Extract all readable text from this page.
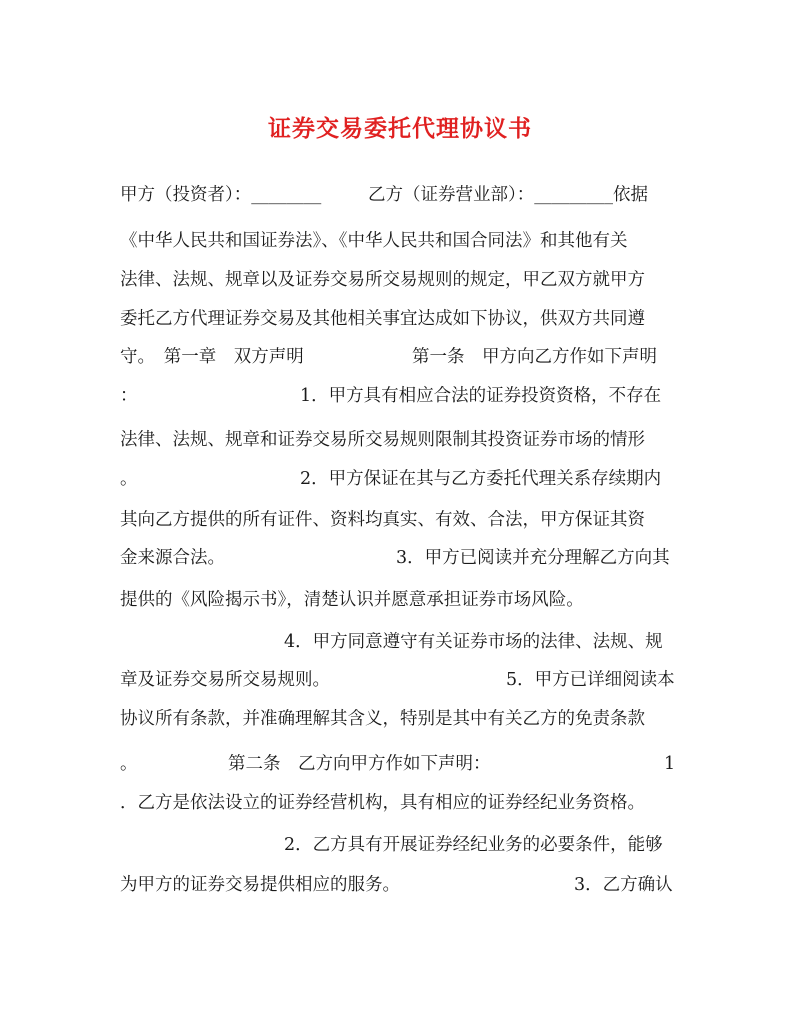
证券交易委托代理协议书

甲方（投资者）：________

	乙方（证券营业部）：_________依据

《中华人民共和国证券法》、《中华人民共和国合同法》和其他有关

法律、法规、规章以及证券交易所交易规则的规定，甲乙双方就甲方

委托乙方代理证券交易及其他相关事宜达成如下协议，供双方共同遵

守。　第一章　双方声明

	第一条　甲方向乙方作如下声明

：

	1．甲方具有相应合法的证券投资资格，不存在

法律、法规、规章和证券交易所交易规则限制其投资证券市场的情形

。

	2．甲方保证在其与乙方委托代理关系存续期内

其向乙方提供的所有证件、资料均真实、有效、合法，甲方保证其资

金来源合法。

	3．甲方已阅读并充分理解乙方向其

提供的《风险揭示书》，清楚认识并愿意承担证券市场风险。

4．甲方同意遵守有关证券市场的法律、法规、规

章及证券交易所交易规则。

	5．甲方已详细阅读本

协议所有条款，并准确理解其含义，特别是其中有关乙方的免责条款

。

	第二条　乙方向甲方作如下声明：

	1

．乙方是依法设立的证券经营机构，具有相应的证券经纪业务资格。

2．乙方具有开展证券经纪业务的必要条件，能够

为甲方的证券交易提供相应的服务。

	3．乙方确认
